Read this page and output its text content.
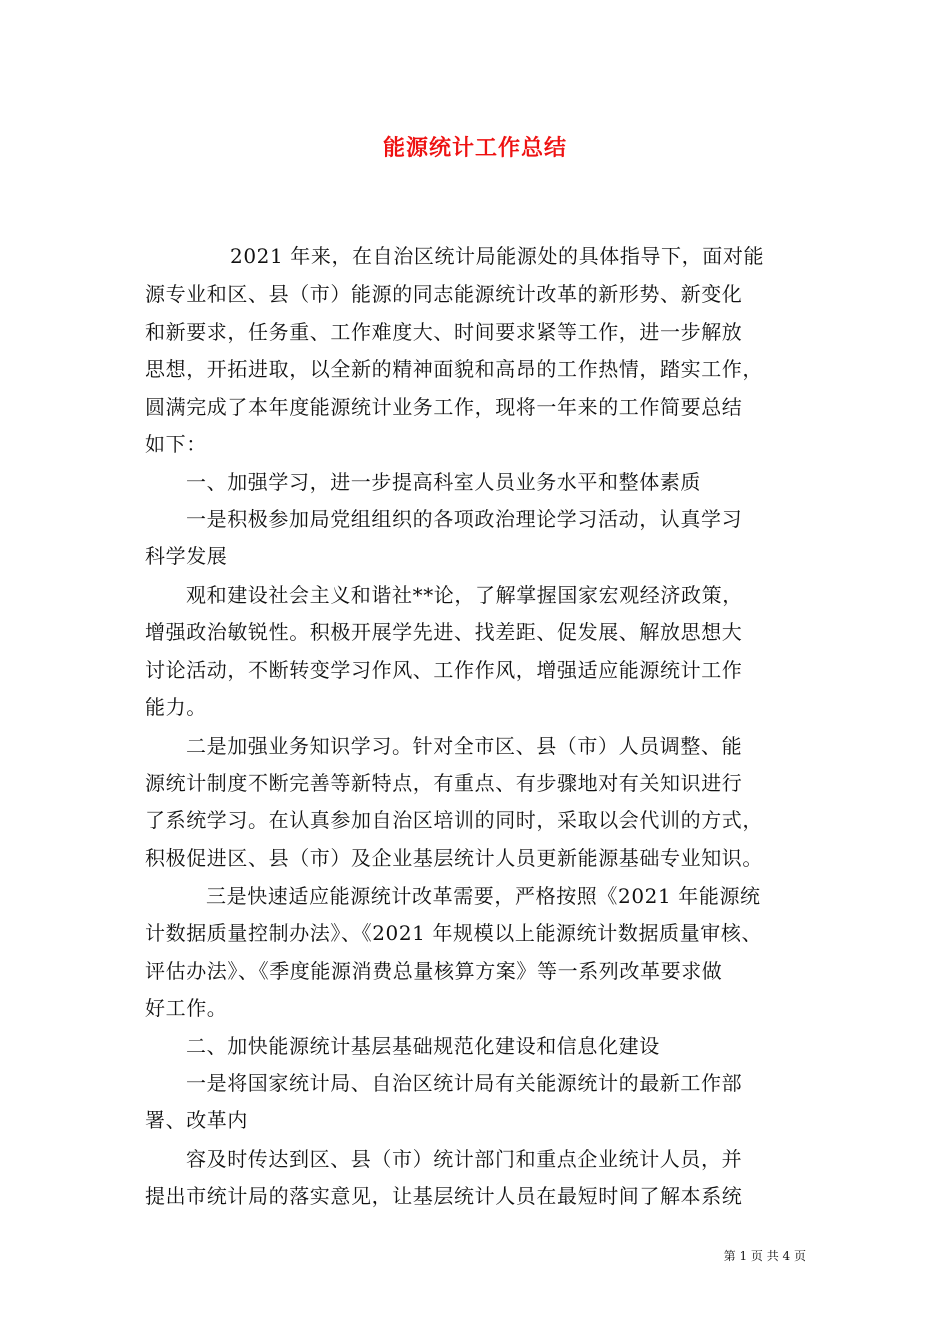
能源统计工作总结
2021 年来，在自治区统计局能源处的具体指导下，面对能
源专业和区、县（市）能源的同志能源统计改革的新形势、新变化
和新要求，任务重、工作难度大、时间要求紧等工作，进一步解放
思想，开拓进取，以全新的精神面貌和高昂的工作热情，踏实工作，
圆满完成了本年度能源统计业务工作，现将一年来的工作简要总结
如下：
一、加强学习，进一步提高科室人员业务水平和整体素质
一是积极参加局党组组织的各项政治理论学习活动，认真学习
科学发展
观和建设社会主义和谐社**论，了解掌握国家宏观经济政策，
增强政治敏锐性。积极开展学先进、找差距、促发展、解放思想大
讨论活动，不断转变学习作风、工作作风，增强适应能源统计工作
能力。
二是加强业务知识学习。针对全市区、县（市）人员调整、能
源统计制度不断完善等新特点，有重点、有步骤地对有关知识进行
了系统学习。在认真参加自治区培训的同时，采取以会代训的方式，
积极促进区、县（市）及企业基层统计人员更新能源基础专业知识。
三是快速适应能源统计改革需要，严格按照《2021 年能源统
计数据质量控制办法》、《2021 年规模以上能源统计数据质量审核、
评估办法》、《季度能源消费总量核算方案》等一系列改革要求做
好工作。
二、加快能源统计基层基础规范化建设和信息化建设
一是将国家统计局、自治区统计局有关能源统计的最新工作部
署、改革内
容及时传达到区、县（市）统计部门和重点企业统计人员，并
提出市统计局的落实意见，让基层统计人员在最短时间了解本系统
第 1 页 共 4 页
